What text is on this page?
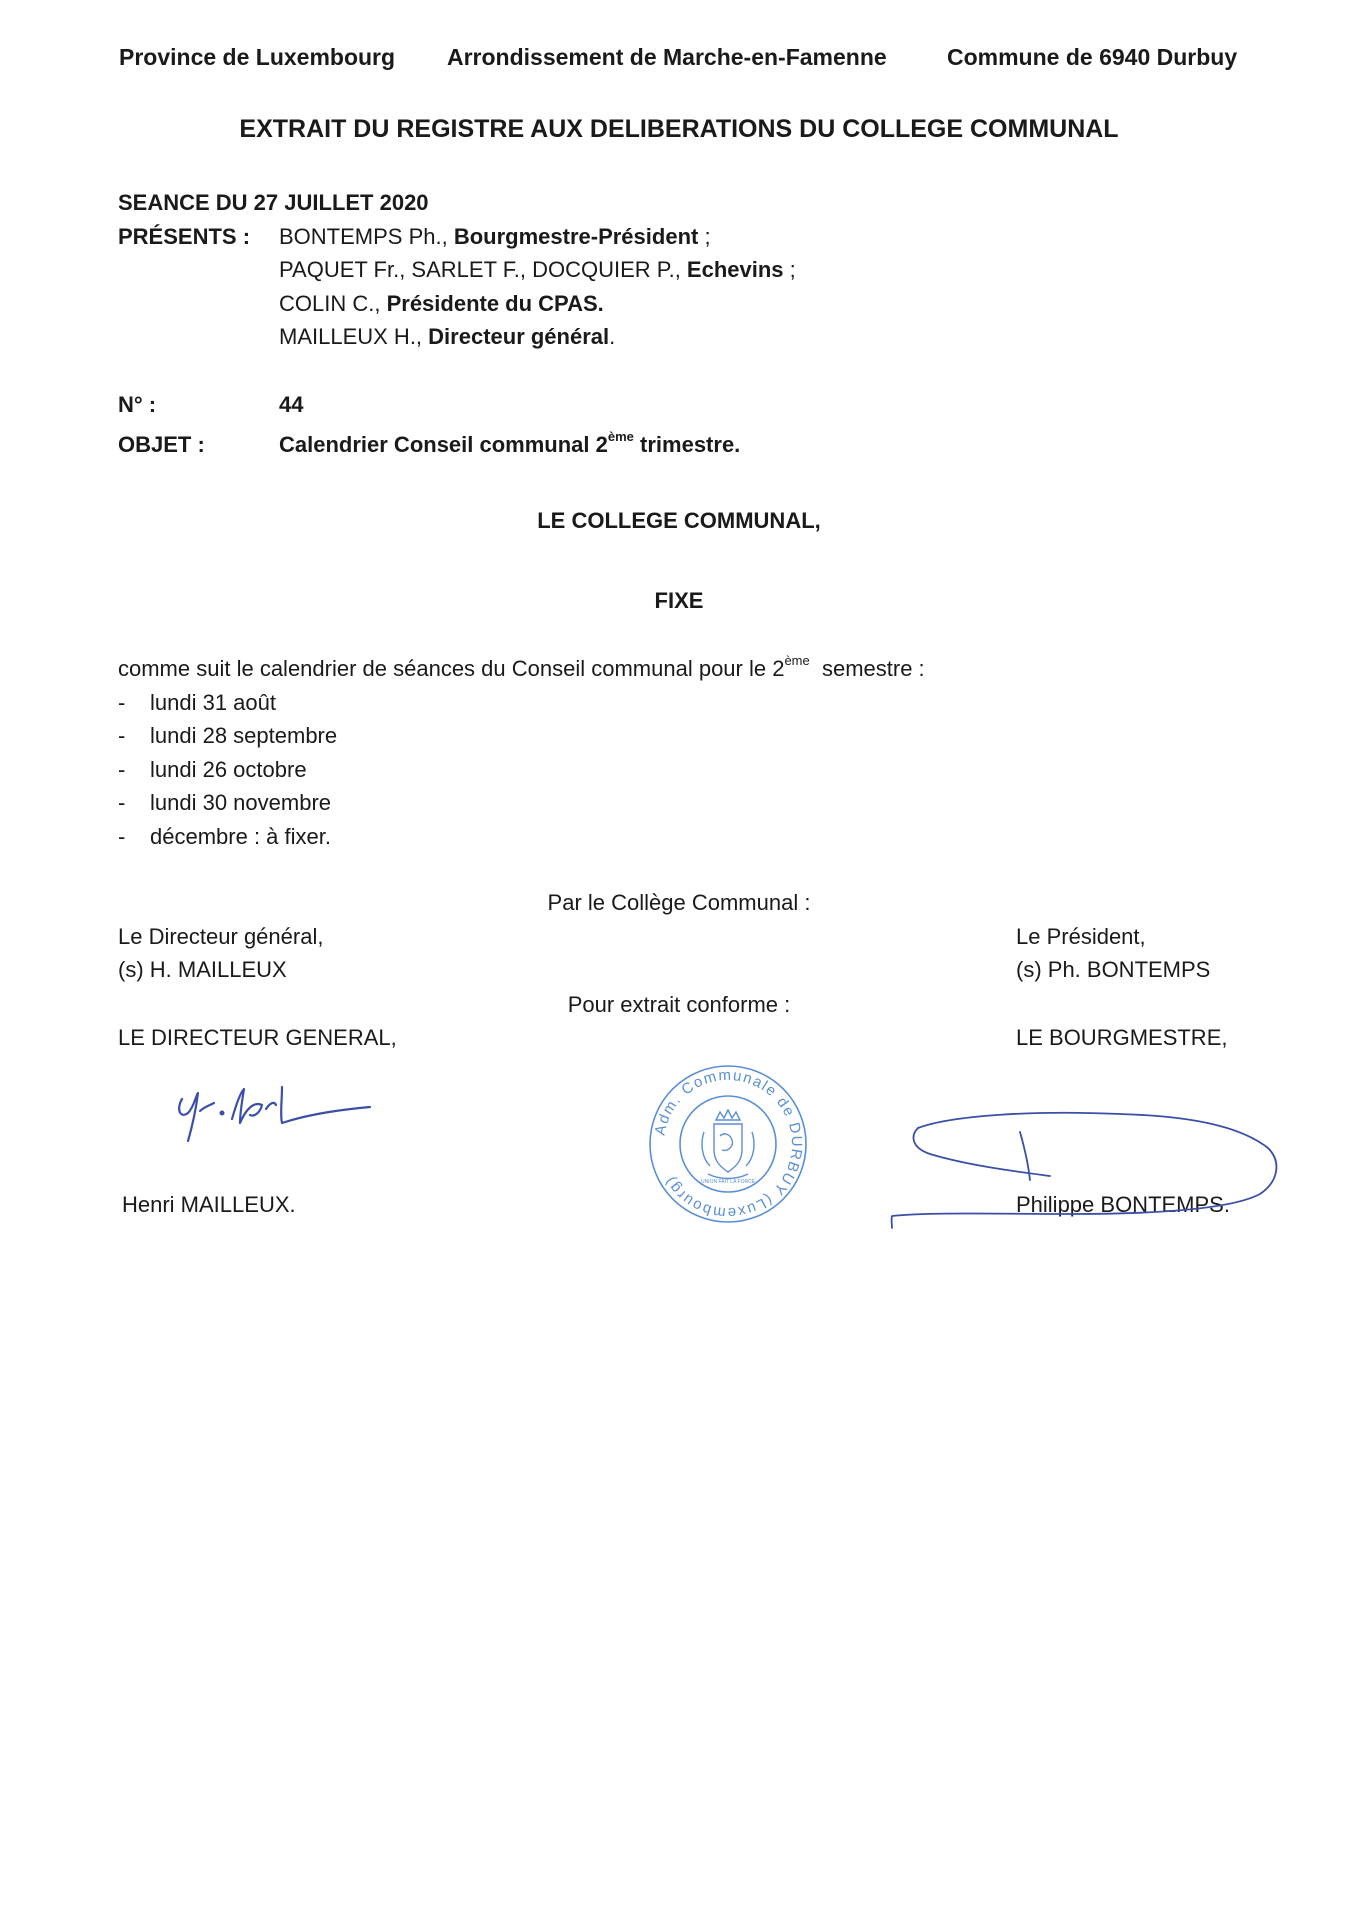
Province de Luxembourg Arrondissement de Marche-en-Famenne	Commune de 6940 Durbuy
EXTRAIT DU REGISTRE AUX DELIBERATIONS DU COLLEGE COMMUNAL
SEANCE DU 27 JUILLET 2020
PRÉSENTS : BONTEMPS Ph., Bourgmestre-Président ;
PAQUET Fr., SARLET F., DOCQUIER P., Echevins ;
COLIN C., Présidente du CPAS.
MAILLEUX H., Directeur général.
N° :	44
OBJET :	Calendrier Conseil communal 2ème trimestre.
LE COLLEGE COMMUNAL,
FIXE
comme suit le calendrier de séances du Conseil communal pour le 2ème  semestre :
- lundi 31 août
- lundi 28 septembre
- lundi 26 octobre
- lundi 30 novembre
- décembre : à fixer.
Par le Collège Communal :
Le Directeur général,
(s) H. MAILLEUX
LE DIRECTEUR GENERAL,
Henri MAILLEUX.
Pour extrait conforme :
Le Président,
(s) Ph. BONTEMPS
LE BOURGMESTRE,
Philippe BONTEMPS.
Adm. Communale de DURBUY (Luxembourg)	UNION FAIT LA FORCE
